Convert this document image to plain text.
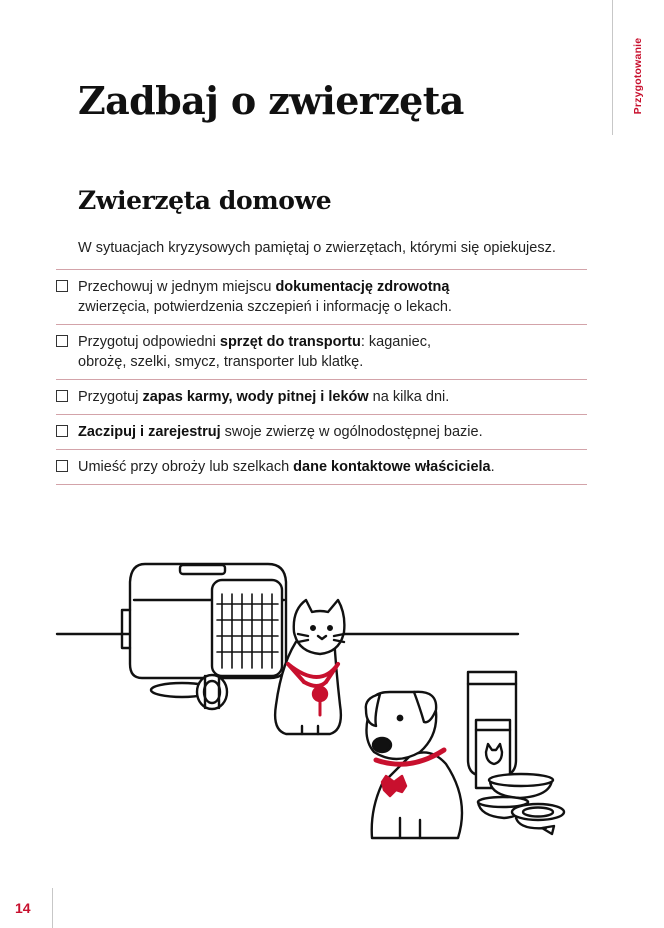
Przygotowanie
Zadbaj o zwierzęta
Zwierzęta domowe

W sytuacjach kryzysowych pamiętaj o zwierzętach, którymi się opiekujesz.

Przechowuj w jednym miejscu dokumentację zdrowotną
zwierzęcia, potwierdzenia szczepień i informację o lekach.
Przygotuj odpowiedni sprzęt do transportu: kaganiec,
obrożę, szelki, smycz, transporter lub klatkę.
Przygotuj zapas karmy, wody pitnej i leków na kilka dni.
Zaczipuj i zarejestruj swoje zwierzę w ogólnodostępnej bazie.
Umieść przy obroży lub szelkach dane kontaktowe właściciela.
14
